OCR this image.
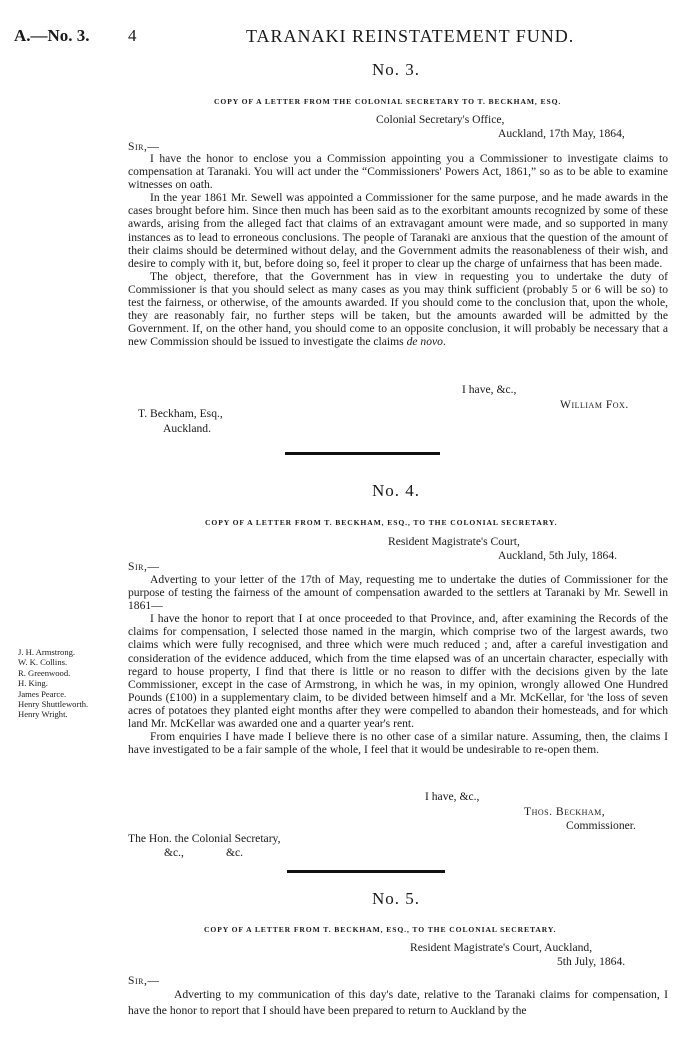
A.—No. 3. 4	TARANAKI REINSTATEMENT FUND.
No. 3.
COPY OF A LETTER FROM THE COLONIAL SECRETARY TO T. BECKHAM, ESQ.
Colonial Secretary's Office,
Auckland, 17th May, 1864,
Sir,—

I have the honor to enclose you a Commission appointing you a Commissioner to investigate claims to compensation at Taranaki. You will act under the “Commissioners' Powers Act, 1861,” so as to be able to examine witnesses on oath.

In the year 1861 Mr. Sewell was appointed a Commissioner for the same purpose, and he made awards in the cases brought before him. Since then much has been said as to the exorbitant amounts recognized by some of these awards, arising from the alleged fact that claims of an extravagant amount were made, and so supported in many instances as to lead to erroneous conclusions. The people of Taranaki are anxious that the question of the amount of their claims should be determined without delay, and the Government admits the reasonableness of their wish, and desire to comply with it, but, before doing so, feel it proper to clear up the charge of unfairness that has been made.

The object, therefore, that the Government has in view in requesting you to undertake the duty of Commissioner is that you should select as many cases as you may think sufficient (probably 5 or 6 will be so) to test the fairness, or otherwise, of the amounts awarded. If you should come to the conclusion that, upon the whole, they are reasonably fair, no further steps will be taken, but the amounts awarded will be admitted by the Government. If, on the other hand, you should come to an opposite conclusion, it will probably be necessary that a new Commission should be issued to investigate the claims de novo.

I have, &c.,
William Fox.
T. Beckham, Esq.,
Auckland.
No. 4.
COPY OF A LETTER FROM T. BECKHAM, ESQ., TO THE COLONIAL SECRETARY.
Resident Magistrate's Court,
Auckland, 5th July, 1864.
Sir,—

Adverting to your letter of the 17th of May, requesting me to undertake the duties of Commissioner for the purpose of testing the fairness of the amount of compensation awarded to the settlers at Taranaki by Mr. Sewell in 1861—

I have the honor to report that I at once proceeded to that Province, and, after examining the Records of the claims for compensation, I selected those named in the margin, which comprise two of the largest awards, two claims which were fully recognised, and three which were much reduced ; and, after a careful investigation and consideration of the evidence adduced, which from the time elapsed was of an uncertain character, especially with regard to house property, I find that there is little or no reason to differ with the decisions given by the late Commissioner, except in the case of Armstrong, in which he was, in my opinion, wrongly allowed One Hundred Pounds (£100) in a supplementary claim, to be divided between himself and a Mr. McKellar, for 'the loss of seven acres of potatoes they planted eight months after they were compelled to abandon their homesteads, and for which land Mr. McKellar was awarded one and a quarter year's rent.

From enquiries I have made I believe there is no other case of a similar nature. Assuming, then, the claims I have investigated to be a fair sample of the whole, I feel that it would be undesirable to re-open them.

J. H. Armstrong.
W. K. Collins.
R. Greenwood.
H. King.
James Pearce.
Henry Shuttleworth.
Henry Wright.
I have, &c.,
Thos. Beckham,
Commissioner.
The Hon. the Colonial Secretary,
&c.,	&c.
No. 5.
COPY OF A LETTER FROM T. BECKHAM, ESQ., TO THE COLONIAL SECRETARY.
Resident Magistrate's Court, Auckland,
5th July, 1864.
Sir,—

Adverting to my communication of this day's date, relative to the Taranaki claims for compensation, I have the honor to report that I should have been prepared to return to Auckland by the
